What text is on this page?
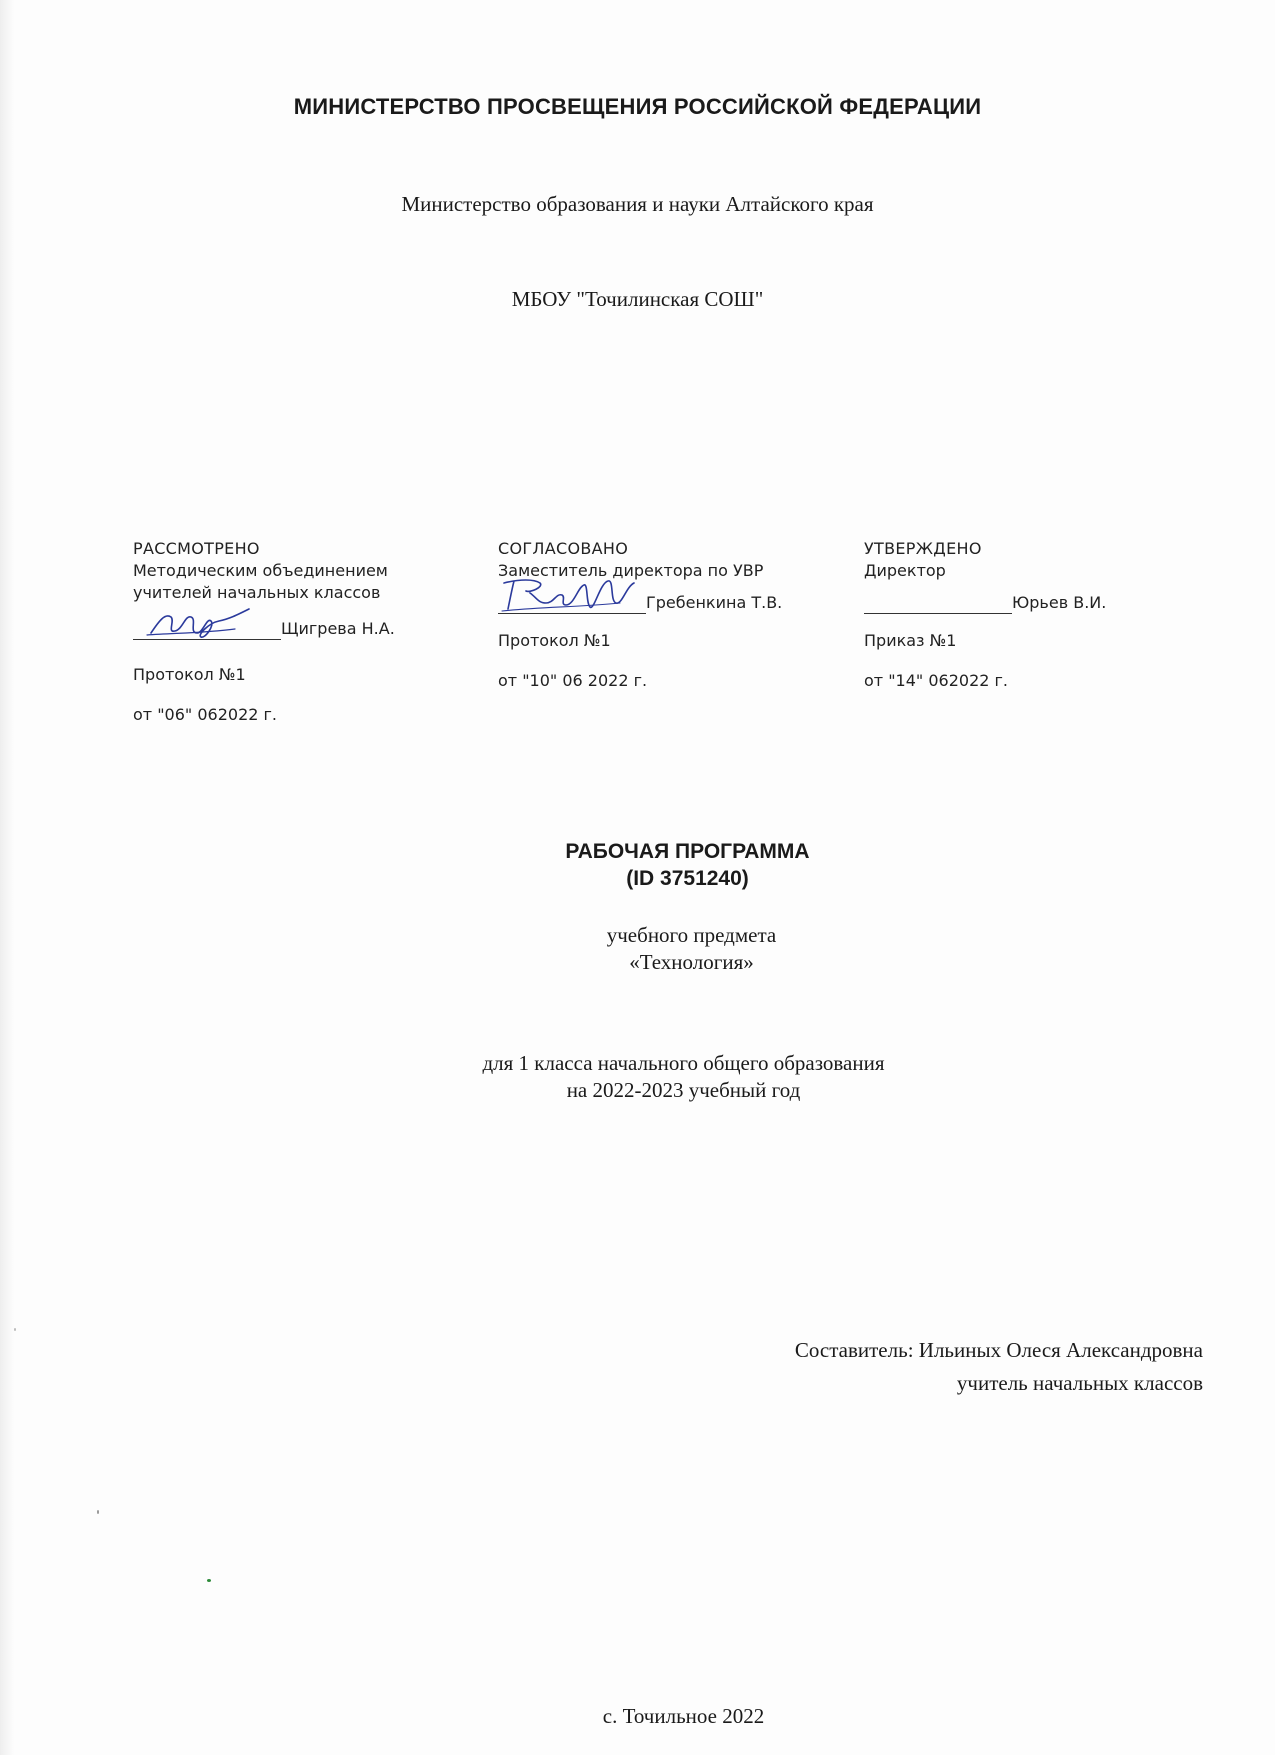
МИНИСТЕРСТВО ПРОСВЕЩЕНИЯ РОССИЙСКОЙ ФЕДЕРАЦИИ
Министерство образования и науки Алтайского края
МБОУ "Точилинская СОШ"
РАССМОТРЕНО
Методическим объединением
учителей начальных классов
Щигрева Н.А.
Протокол №1
от "06" 062022 г.
СОГЛАСОВАНО
Заместитель директора по УВР
Гребенкина Т.В.
Протокол №1
от "10" 06 2022 г.
УТВЕРЖДЕНО
Директор
Юрьев В.И.
Приказ №1
от "14" 062022 г.
РАБОЧАЯ ПРОГРАММА
(ID 3751240)
учебного предмета
«Технология»
для 1 класса начального общего образования
на 2022-2023 учебный год
Составитель: Ильиных Олеся Александровна
учитель начальных классов
с. Точильное 2022
